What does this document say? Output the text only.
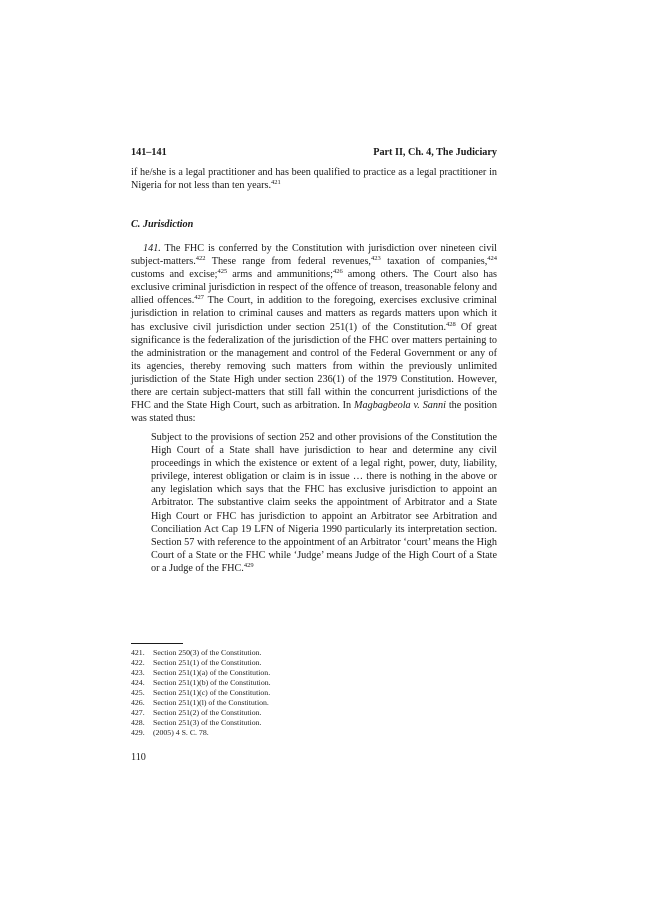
141–141	Part II, Ch. 4, The Judiciary

if he/she is a legal practitioner and has been qualified to practice as a legal practitioner in Nigeria for not less than ten years.$^{421}$

C. Jurisdiction

141. The FHC is conferred by the Constitution with jurisdiction over nineteen civil subject-matters.$^{422}$ These range from federal revenues,$^{423}$ taxation of companies,$^{424}$ customs and excise;$^{425}$ arms and ammunitions;$^{426}$ among others. The Court also has exclusive criminal jurisdiction in respect of the offence of treason, treasonable felony and allied offences.$^{427}$ The Court, in addition to the foregoing, exercises exclusive criminal jurisdiction in relation to criminal causes and matters as regards matters upon which it has exclusive civil jurisdiction under section 251(1) of the Constitution.$^{428}$ Of great significance is the federalization of the jurisdiction of the FHC over matters pertaining to the administration or the management and control of the Federal Government or any of its agencies, thereby removing such matters from within the previously unlimited jurisdiction of the State High under section 236(1) of the 1979 Constitution. However, there are certain subject-matters that still fall within the concurrent jurisdictions of the FHC and the State High Court, such as arbitration. In Magbagbeola v. Sanni the position was stated thus:

Subject to the provisions of section 252 and other provisions of the Constitution the High Court of a State shall have jurisdiction to hear and determine any civil proceedings in which the existence or extent of a legal right, power, duty, liability, privilege, interest obligation or claim is in issue … there is nothing in the above or any legislation which says that the FHC has exclusive jurisdiction to appoint an Arbitrator. The substantive claim seeks the appointment of Arbitrator and a State High Court or FHC has jurisdiction to appoint an Arbitrator see Arbitration and Conciliation Act Cap 19 LFN of Nigeria 1990 particularly its interpretation section. Section 57 with reference to the appointment of an Arbitrator ‘court’ means the High Court of a State or the FHC while ‘Judge’ means Judge of the High Court of a State or a Judge of the FHC.$^{429}$
421. Section 250(3) of the Constitution.
422. Section 251(1) of the Constitution.
423. Section 251(1)(a) of the Constitution.
424. Section 251(1)(b) of the Constitution.
425. Section 251(1)(c) of the Constitution.
426. Section 251(1)(l) of the Constitution.
427. Section 251(2) of the Constitution.
428. Section 251(3) of the Constitution.
429. (2005) 4 S. C. 78.
110
